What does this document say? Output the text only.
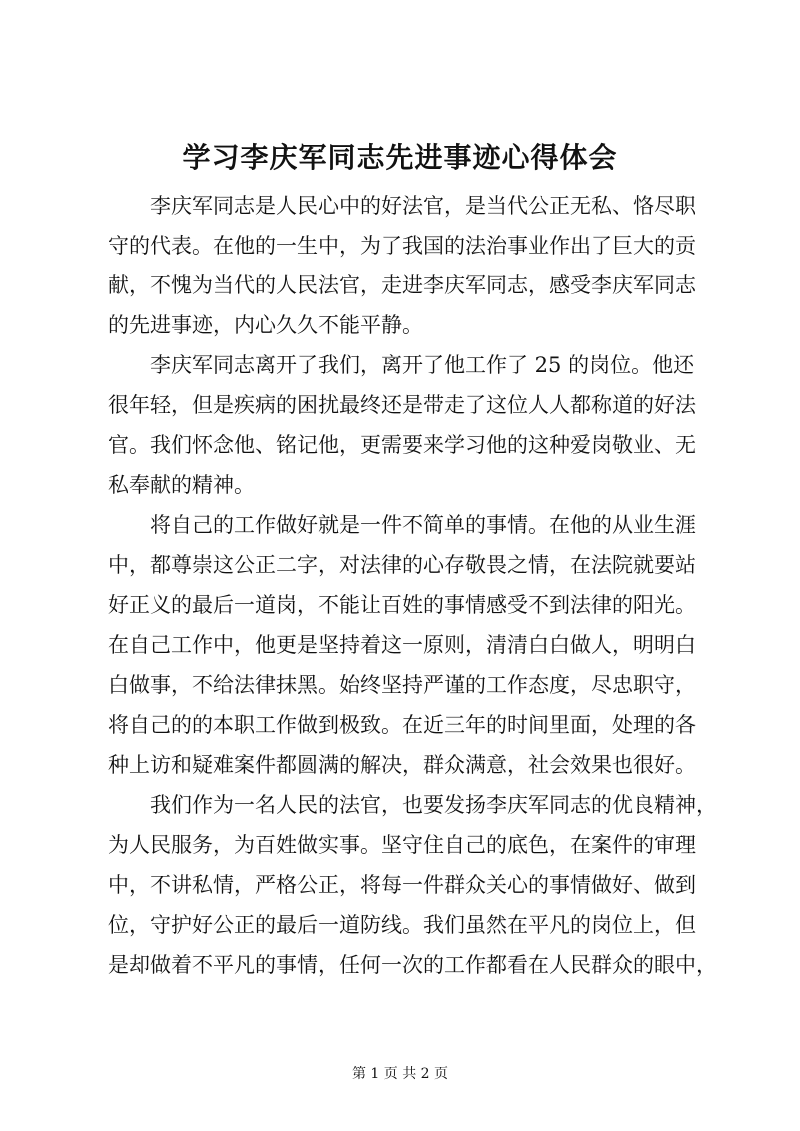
学习李庆军同志先进事迹心得体会

　　李庆军同志是人民心中的好法官，是当代公正无私、恪尽职

守的代表。在他的一生中，为了我国的法治事业作出了巨大的贡

献，不愧为当代的人民法官，走进李庆军同志，感受李庆军同志

的先进事迹，内心久久不能平静。

　　李庆军同志离开了我们，离开了他工作了 25 的岗位。他还

很年轻，但是疾病的困扰最终还是带走了这位人人都称道的好法

官。我们怀念他、铭记他，更需要来学习他的这种爱岗敬业、无

私奉献的精神。

　　将自己的工作做好就是一件不简单的事情。在他的从业生涯

中，都尊崇这公正二字，对法律的心存敬畏之情，在法院就要站

好正义的最后一道岗，不能让百姓的事情感受不到法律的阳光。

在自己工作中，他更是坚持着这一原则，清清白白做人，明明白

白做事，不给法律抹黑。始终坚持严谨的工作态度，尽忠职守，

将自己的的本职工作做到极致。在近三年的时间里面，处理的各

种上访和疑难案件都圆满的解决，群众满意，社会效果也很好。

　　我们作为一名人民的法官，也要发扬李庆军同志的优良精神，

为人民服务，为百姓做实事。坚守住自己的底色，在案件的审理

中，不讲私情，严格公正，将每一件群众关心的事情做好、做到

位，守护好公正的最后一道防线。我们虽然在平凡的岗位上，但

是却做着不平凡的事情，任何一次的工作都看在人民群众的眼中，

第 1 页 共 2 页
